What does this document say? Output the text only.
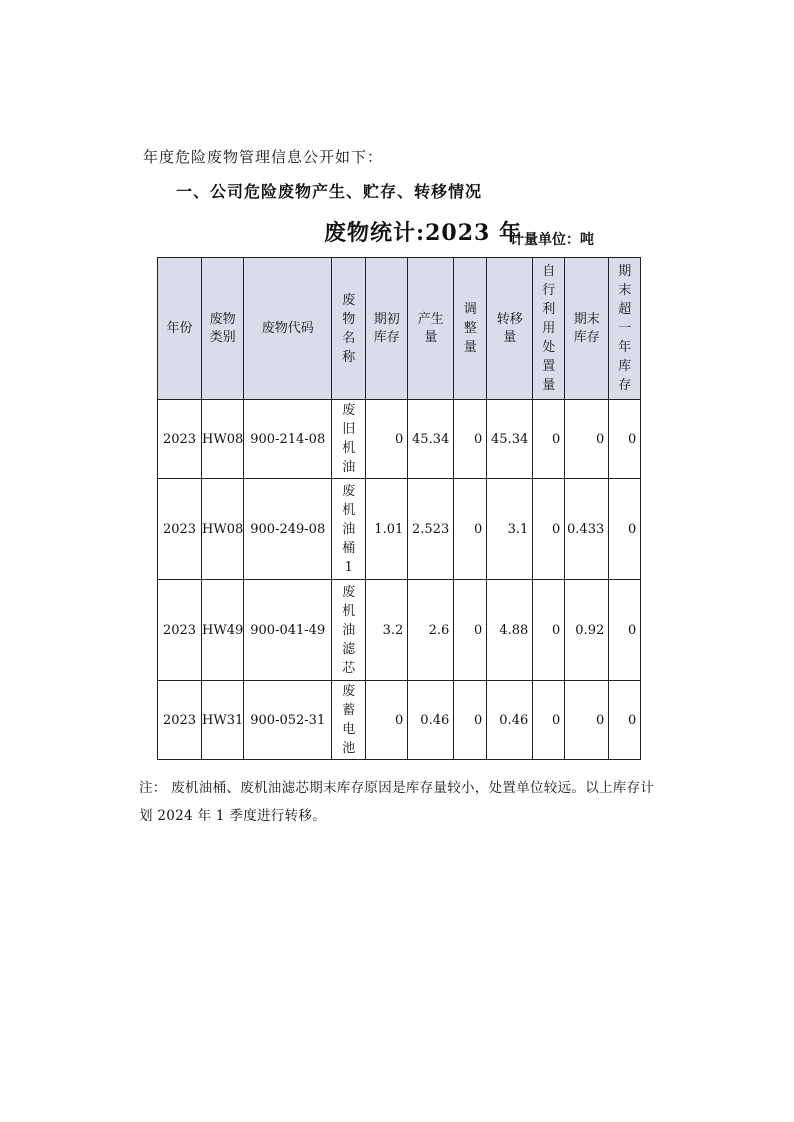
年度危险废物管理信息公开如下：
一、公司危险废物产生、贮存、转移情况
废物统计:2023 年
计量单位：吨
年份	废物类别	废物代码	废物名称	期初库存	产生量	调整量	转移量	自行利用处置量	期末库存	期末超一年库存
2023	HW08	900-214-08	废旧机油	0	45.34	0	45.34	0	0	0
2023	HW08	900-249-08	废机油桶1	1.01	2.523	0	3.1	0	0.433	0
2023	HW49	900-041-49	废机油滤芯	3.2	2.6	0	4.88	0	0.92	0
2023	HW31	900-052-31	废蓄电池	0	0.46	0	0.46	0	0	0
注： 废机油桶、废机油滤芯期末库存原因是库存量较小，处置单位较远。以上库存计划 2024 年 1 季度进行转移。
